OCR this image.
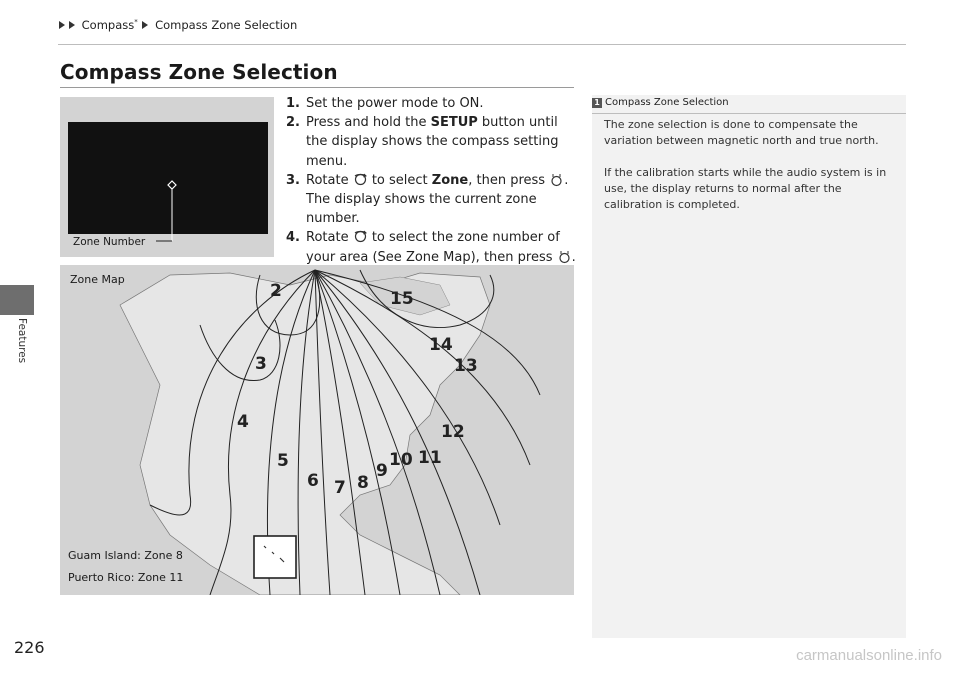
Compass* Compass Zone Selection
Features
Compass Zone Selection
Zone Number
1. Set the power mode to ON.
2. Press and hold the SETUP button until the display shows the compass setting menu.
3. Rotate  to select Zone, then press . The display shows the current zone number.
4. Rotate  to select the zone number of your area (See Zone Map), then press .
Zone Map
2
3
4
5
6 7 8
9
10 11
12
13
14
15
Guam Island: Zone 8
Puerto Rico: Zone 11
1 Compass Zone Selection

The zone selection is done to compensate the variation between magnetic north and true north.

If the calibration starts while the audio system is in use, the display returns to normal after the calibration is completed.

226	carmanualsonline.info
